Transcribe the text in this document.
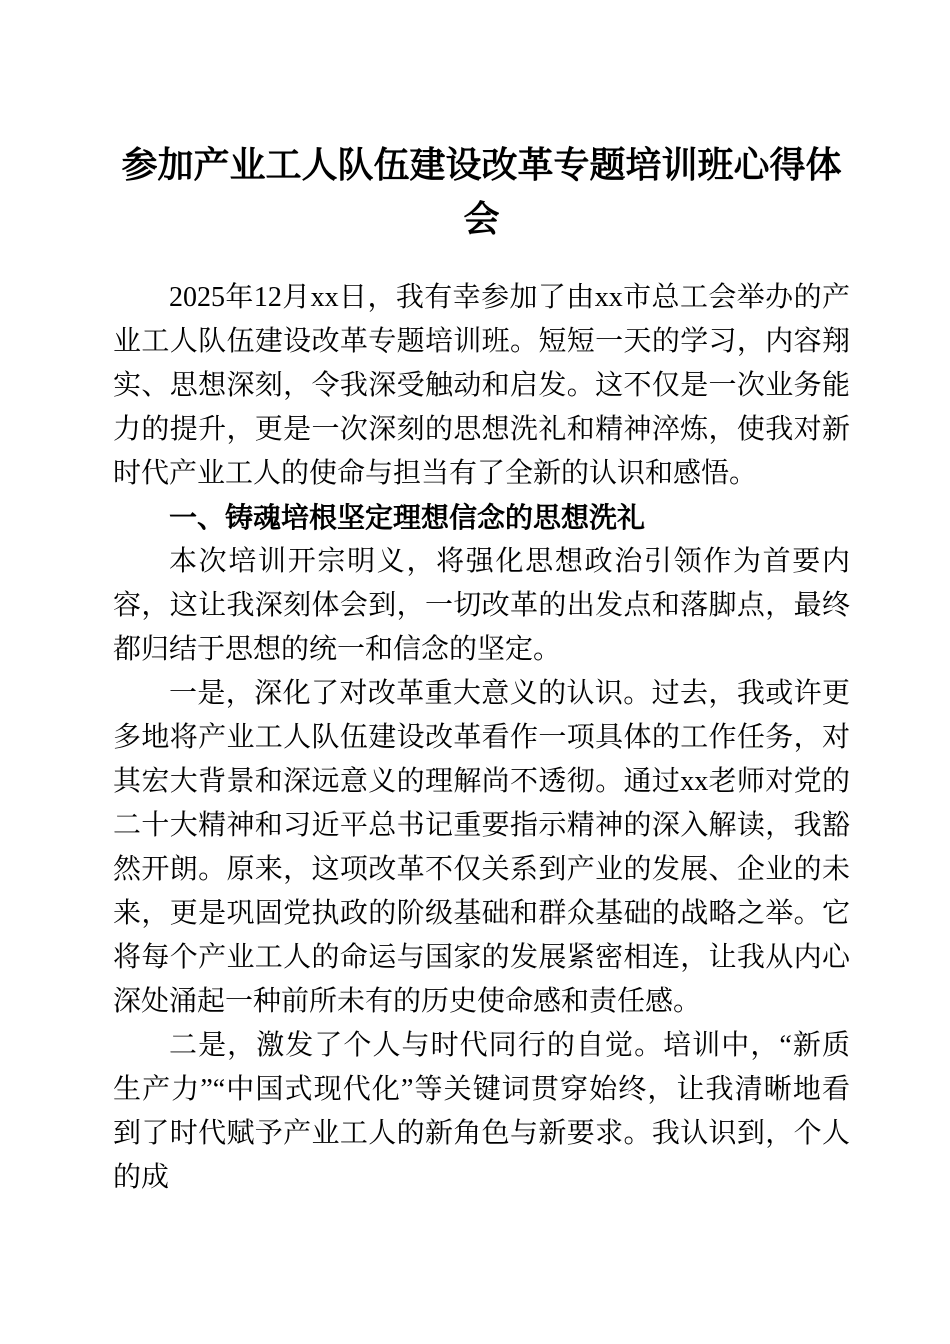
参加产业工人队伍建设改革专题培训班心得体会

2025年12月xx日，我有幸参加了由xx市总工会举办的产业工人队伍建设改革专题培训班。短短一天的学习，内容翔实、思想深刻，令我深受触动和启发。这不仅是一次业务能力的提升，更是一次深刻的思想洗礼和精神淬炼，使我对新时代产业工人的使命与担当有了全新的认识和感悟。

一、铸魂培根坚定理想信念的思想洗礼

本次培训开宗明义，将强化思想政治引领作为首要内容，这让我深刻体会到，一切改革的出发点和落脚点，最终都归结于思想的统一和信念的坚定。

一是，深化了对改革重大意义的认识。过去，我或许更多地将产业工人队伍建设改革看作一项具体的工作任务，对其宏大背景和深远意义的理解尚不透彻。通过xx老师对党的二十大精神和习近平总书记重要指示精神的深入解读，我豁然开朗。原来，这项改革不仅关系到产业的发展、企业的未来，更是巩固党执政的阶级基础和群众基础的战略之举。它将每个产业工人的命运与国家的发展紧密相连，让我从内心深处涌起一种前所未有的历史使命感和责任感。

二是，激发了个人与时代同行的自觉。培训中，“新质生产力”“中国式现代化”等关键词贯穿始终，让我清晰地看到了时代赋予产业工人的新角色与新要求。我认识到，个人的成
